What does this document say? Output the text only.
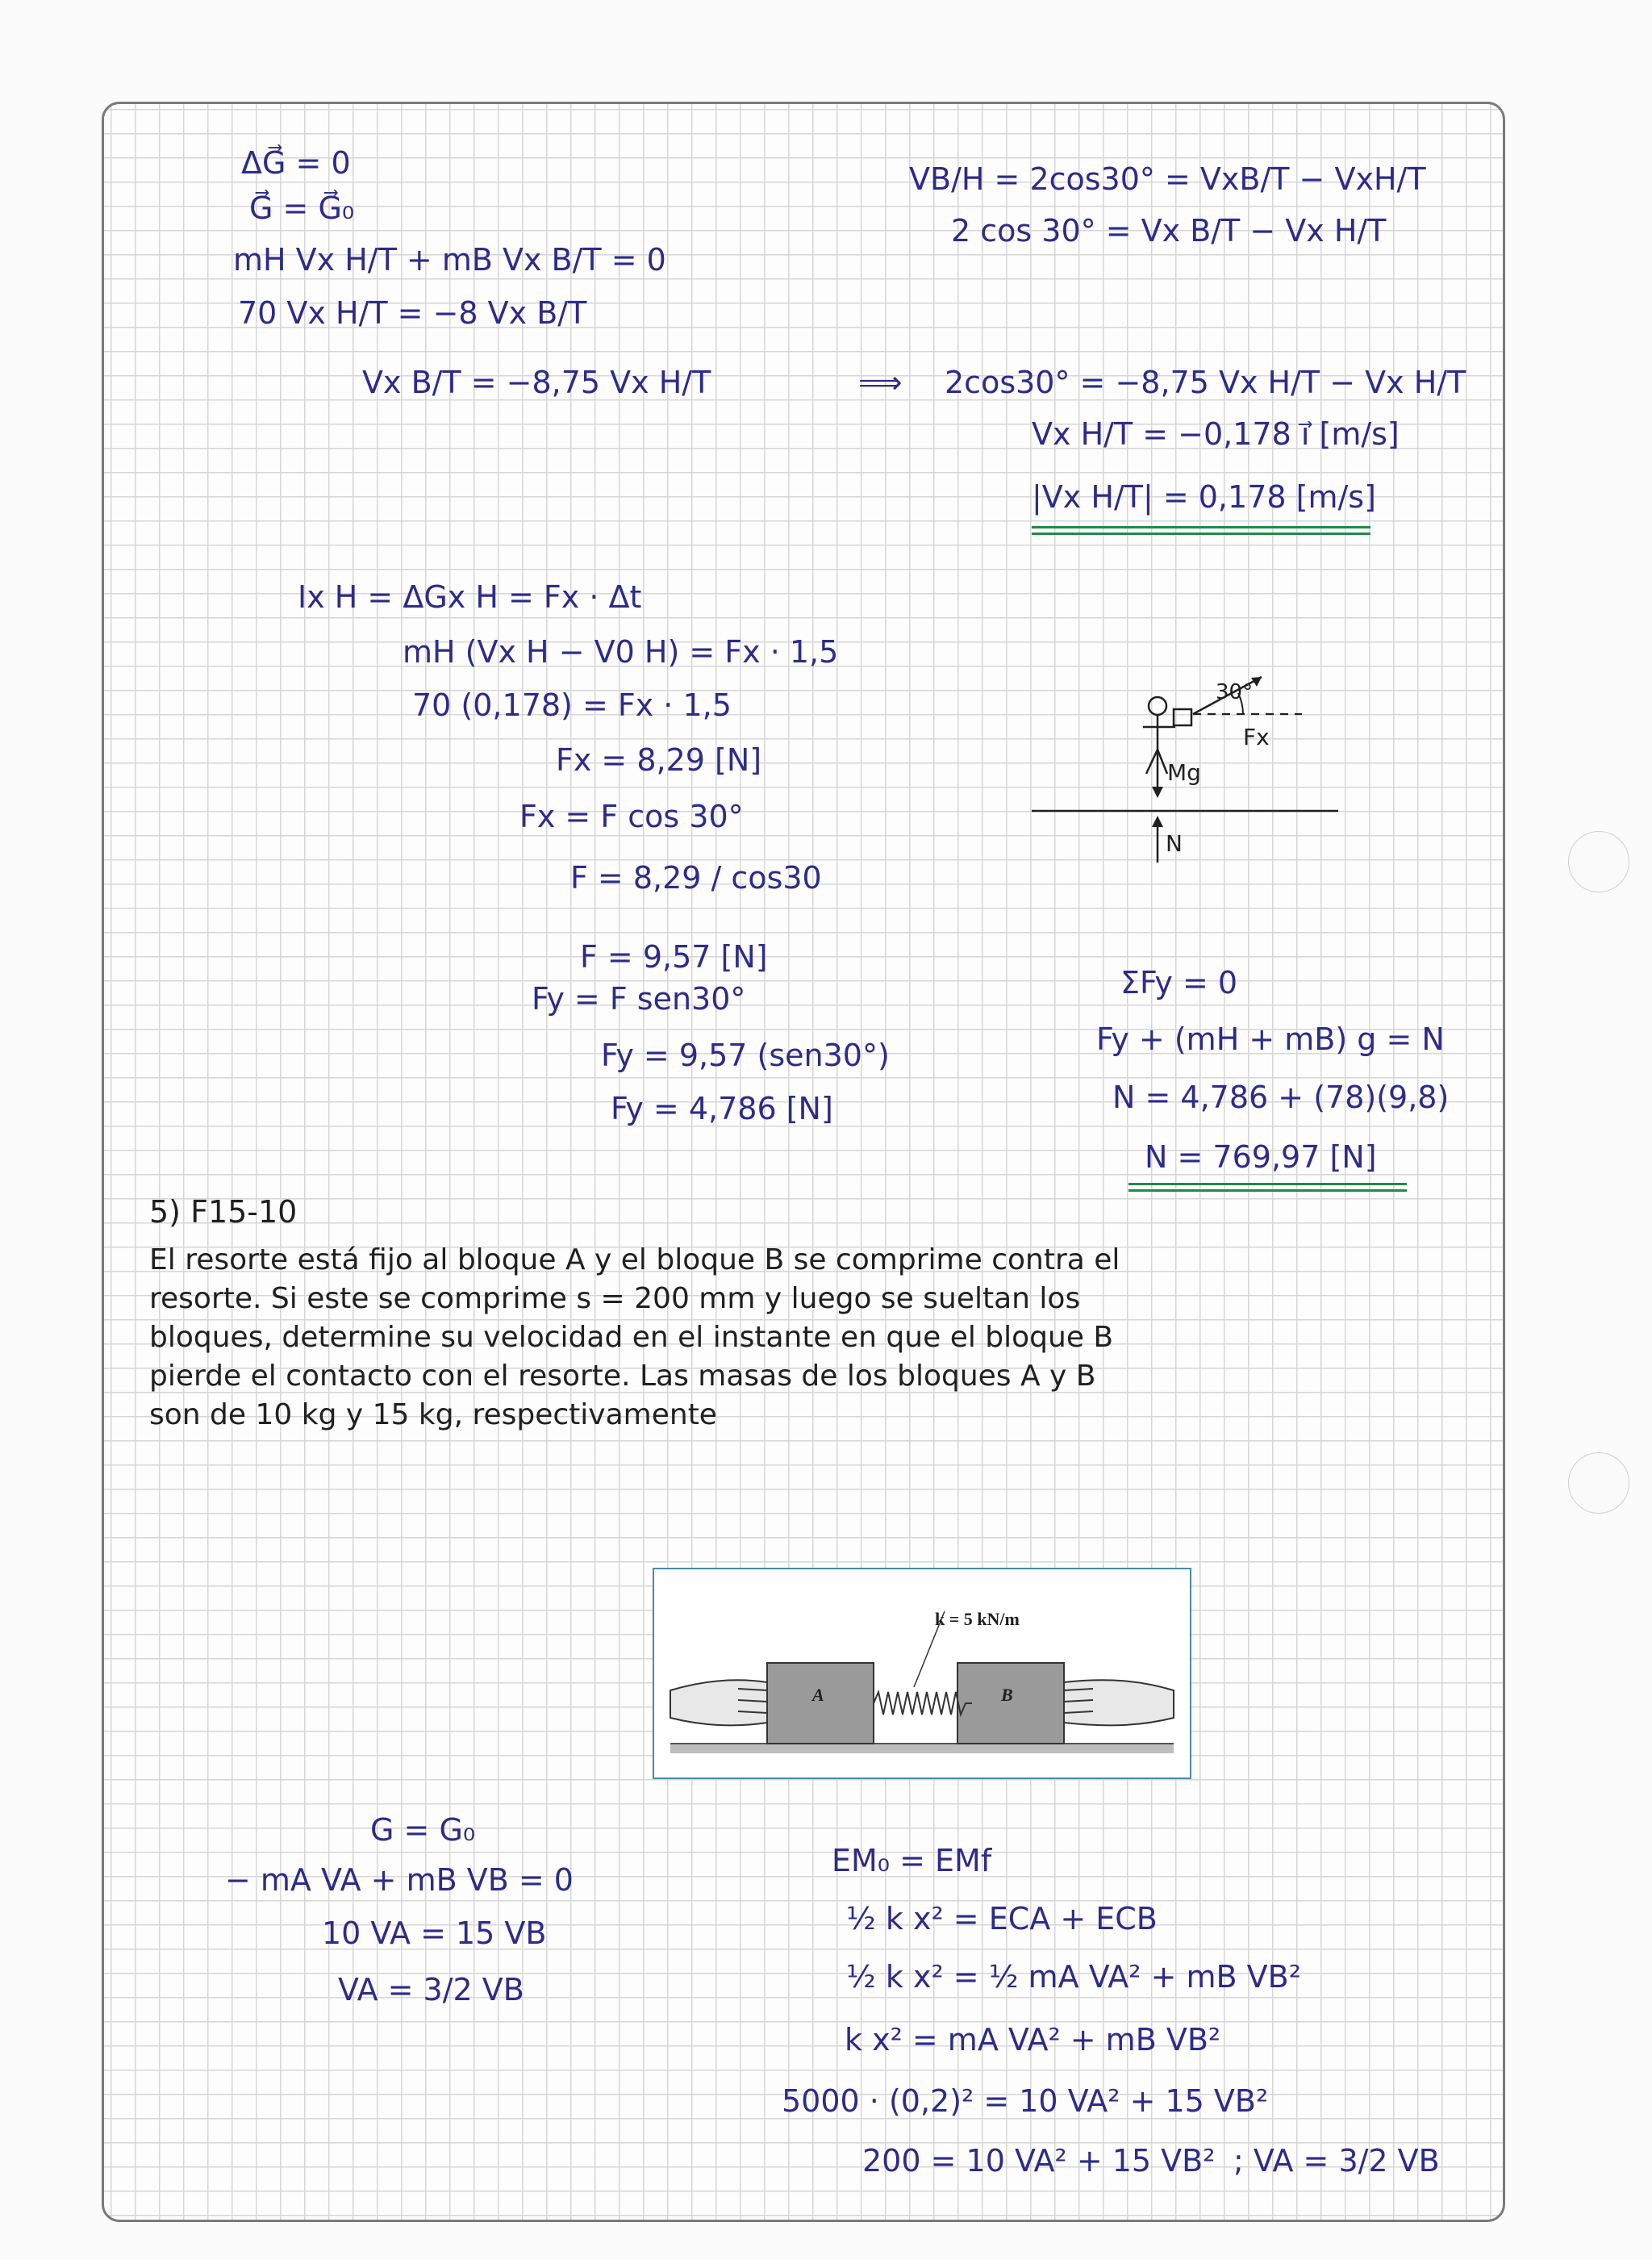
ΔG⃗ = 0
G⃗ = G⃗₀
mH Vx H/T + mB Vx B/T = 0
70 Vx H/T = −8 Vx B/T
Vx B/T = −8,75 Vx H/T
VB/H = 2cos30° = VxB/T − VxH/T
2 cos 30° = Vx B/T − Vx H/T
⟹ 2cos30° = −8,75 Vx H/T − Vx H/T
Vx H/T = −0,178 i⃗ [m/s]
|Vx H/T| = 0,178 [m/s]
Ix H = ΔGx H = Fx · Δt
mH (Vx H − V0 H) = Fx · 1,5
70 (0,178) = Fx · 1,5
Fx = 8,29 [N]
Fx = F cos 30°
F = 8,29 / cos30
F = 9,57 [N]
Fy = F sen30°
Fy = 9,57 (sen30°)
Fy = 4,786 [N]
30°
Fx
Mg
N
ΣFy = 0
Fy + (mH + mB) g = N
N = 4,786 + (78)(9,8)
N = 769,97 [N]
5) F15-10
El resorte está fijo al bloque A y el bloque B se comprime contra el
resorte. Si este se comprime s = 200 mm y luego se sueltan los
bloques, determine su velocidad en el instante en que el bloque B
pierde el contacto con el resorte. Las masas de los bloques A y B
son de 10 kg y 15 kg, respectivamente
k = 5 kN/m
A	B
G = G₀
− mA VA + mB VB = 0
10 VA = 15 VB
VA = 3/2 VB
EM₀ = EMf
½ k x² = ECA + ECB
½ k x² = ½ mA VA² + mB VB²
k x² = mA VA² + mB VB²
5000 · (0,2)² = 10 VA² + 15 VB²
200 = 10 VA² + 15 VB² ; VA = 3/2 VB
